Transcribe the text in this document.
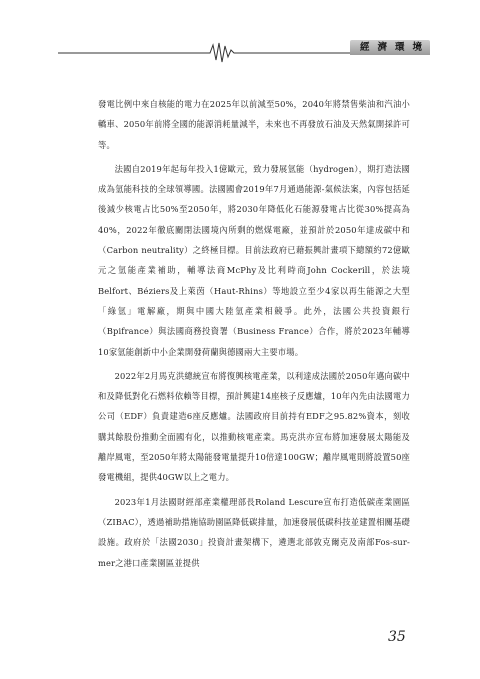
經濟環境

發電比例中來自核能的電力在2025年以前減至50%，2040年將禁售柴油和汽油小轎車、2050年前將全國的能源消耗量減半，未來也不再發放石油及天然氣開採許可等。

法國自2019年起每年投入1億歐元，致力發展氫能（hydrogen），期打造法國成為氫能科技的全球領導國。法國國會2019年7月通過能源-氣候法案，內容包括延後減少核電占比50%至2050年，將2030年降低化石能源發電占比從30%提高為40%，2022年徹底關閉法國境內所剩的燃煤電廠，並預計於2050年達成碳中和（Carbon neutrality）之終極目標。目前法政府已藉振興計畫項下總額約72億歐元之氫能產業補助，輔導法商McPhy及比利時商John Cockerill，於法境Belfort、Béziers及上萊茵（Haut-Rhins）等地設立至少4家以再生能源之大型「綠氫」電解廠，期與中國大陸氫產業相競爭。此外，法國公共投資銀行（Bpifrance）與法國商務投資署（Business France）合作，將於2023年輔導10家氫能創新中小企業開發荷蘭與德國兩大主要市場。

2022年2月馬克洪總統宣布將復興核電產業，以利達成法國於2050年邁向碳中和及降低對化石燃料依賴等目標，預計興建14座核子反應爐，10年內先由法國電力公司（EDF）負責建造6座反應爐。法國政府目前持有EDF之95.82%資本，刻收購其餘股份推動全面國有化，以推動核電產業。馬克洪亦宣布將加速發展太陽能及離岸風電，至2050年將太陽能發電量提升10倍達100GW；離岸風電則將設置50座發電機組，提供40GW以上之電力。

2023年1月法國財經部產業權理部長Roland Lescure宣布打造低碳產業園區（ZIBAC），透過補助措施協助園區降低碳排量，加速發展低碳科技並建置相關基礎設施。政府於「法國2030」投資計畫架構下，遴選北部敦克爾克及南部Fos-sur-mer之港口產業園區並提供

35
